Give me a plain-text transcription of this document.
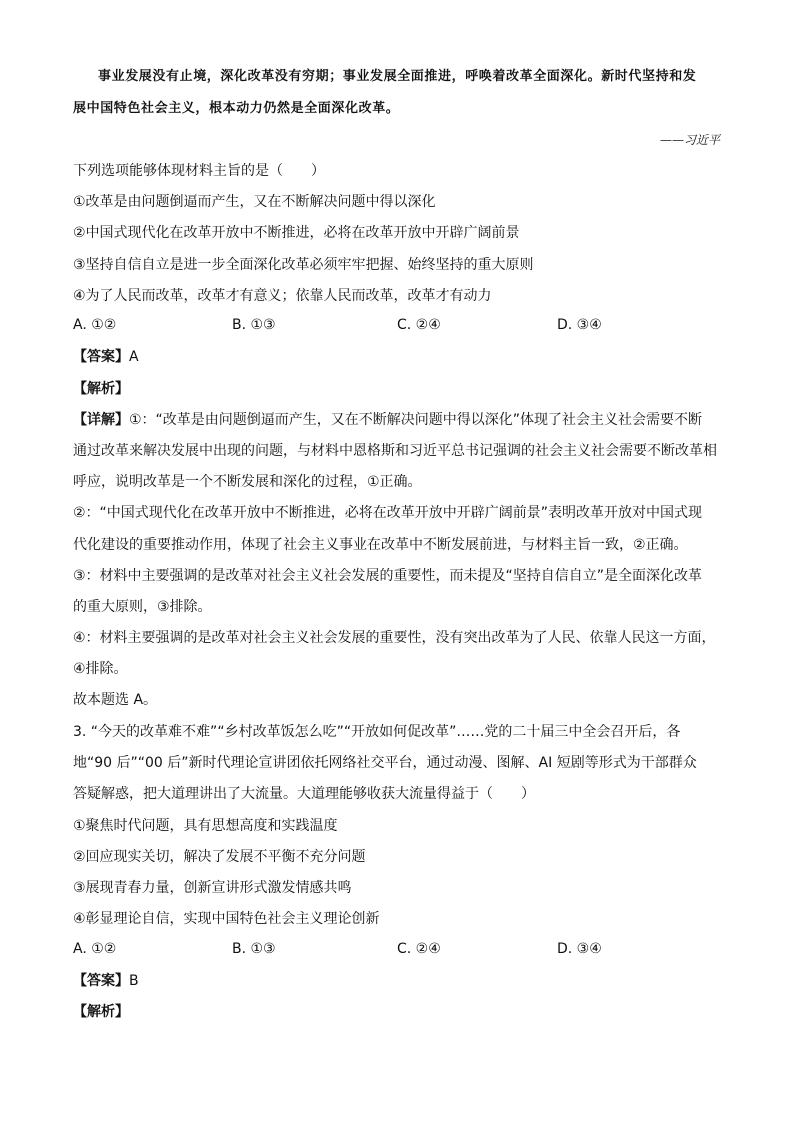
事业发展没有止境，深化改革没有穷期；事业发展全面推进，呼唤着改革全面深化。新时代坚持和发
展中国特色社会主义，根本动力仍然是全面深化改革。
——习近平
下列选项能够体现材料主旨的是（　　）
①改革是由问题倒逼而产生，又在不断解决问题中得以深化
②中国式现代化在改革开放中不断推进，必将在改革开放中开辟广阔前景
③坚持自信自立是进一步全面深化改革必须牢牢把握、始终坚持的重大原则
④为了人民而改革，改革才有意义；依靠人民而改革，改革才有动力
A. ①②	B. ①③	C. ②④	D. ③④
【答案】A
【解析】
【详解】①：“改革是由问题倒逼而产生，又在不断解决问题中得以深化”体现了社会主义社会需要不断
通过改革来解决发展中出现的问题，与材料中恩格斯和习近平总书记强调的社会主义社会需要不断改革相
呼应，说明改革是一个不断发展和深化的过程，①正确。
②：“中国式现代化在改革开放中不断推进，必将在改革开放中开辟广阔前景”表明改革开放对中国式现
代化建设的重要推动作用，体现了社会主义事业在改革中不断发展前进，与材料主旨一致，②正确。
③：材料中主要强调的是改革对社会主义社会发展的重要性，而未提及“坚持自信自立”是全面深化改革
的重大原则，③排除。
④：材料主要强调的是改革对社会主义社会发展的重要性，没有突出改革为了人民、依靠人民这一方面，
④排除。
故本题选 A。
3. “今天的改革难不难”“乡村改革饭怎么吃”“开放如何促改革”……党的二十届三中全会召开后，各
地“90 后”“00 后”新时代理论宣讲团依托网络社交平台，通过动漫、图解、AI 短剧等形式为干部群众
答疑解惑，把大道理讲出了大流量。大道理能够收获大流量得益于（　　）
①聚焦时代问题，具有思想高度和实践温度
②回应现实关切，解决了发展不平衡不充分问题
③展现青春力量，创新宣讲形式激发情感共鸣
④彰显理论自信，实现中国特色社会主义理论创新
A. ①②	B. ①③	C. ②④	D. ③④
【答案】B
【解析】
